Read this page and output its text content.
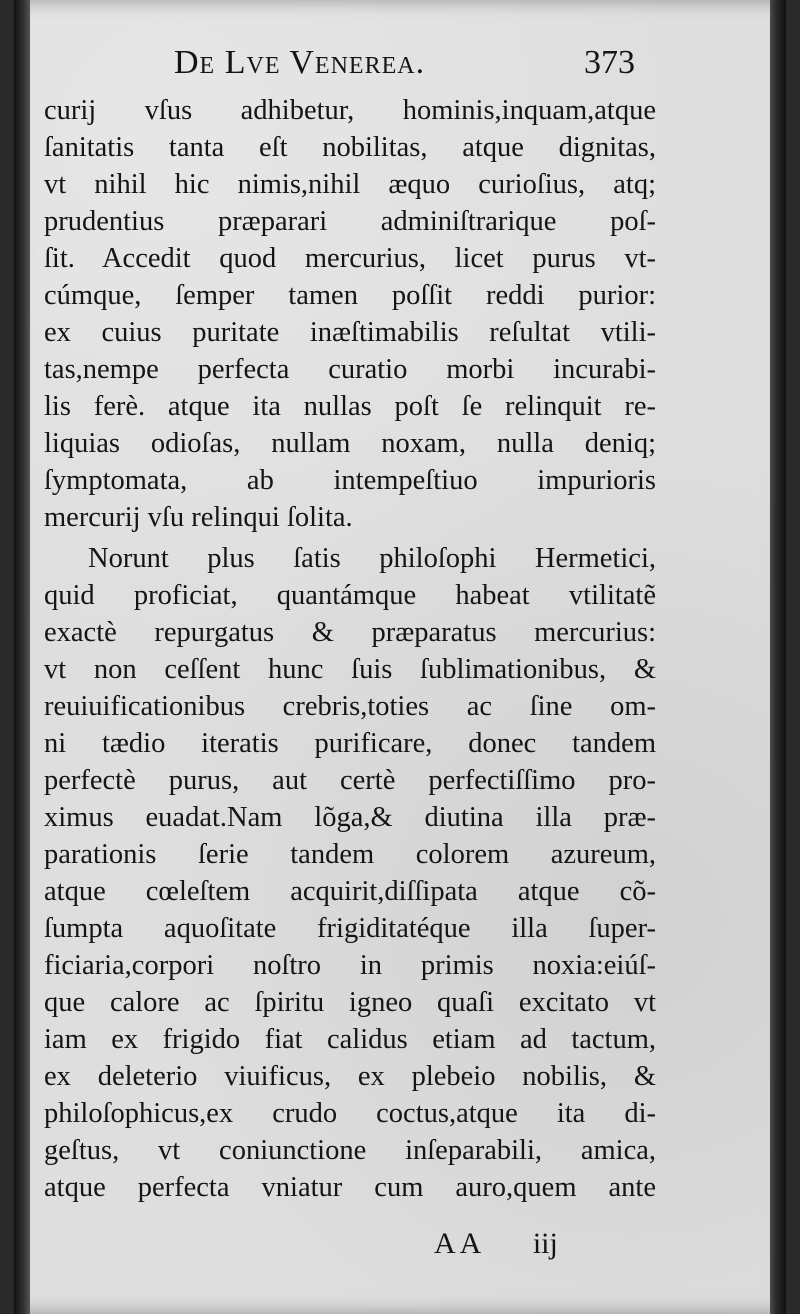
De Lve Venerea.	373
curij vſus adhibetur, hominis,inquam,atque
ſanitatis tanta eſt nobilitas, atque dignitas,
vt nihil hic nimis,nihil æquo curioſius, atq;
prudentius præparari adminiſtrarique poſ-
ſit. Accedit quod mercurius, licet purus vt-
cúmque, ſemper tamen poſſit reddi purior:
ex cuius puritate inæſtimabilis reſultat vtili-
tas,nempe perfecta curatio morbi incurabi-
lis ferè. atque ita nullas poſt ſe relinquit re-
liquias odioſas, nullam noxam, nulla deniq;
ſymptomata, ab intempeſtiuo impurioris
mercurij vſu relinqui ſolita.
Norunt plus ſatis philoſophi Hermetici,
quid proficiat, quantámque habeat vtilitatẽ
exactè repurgatus & præparatus mercurius:
vt non ceſſent hunc ſuis ſublimationibus, &
reuiuificationibus crebris,toties ac ſine om-
ni tædio iteratis purificare, donec tandem
perfectè purus, aut certè perfectiſſimo pro-
ximus euadat.Nam lõga,& diutina illa præ-
parationis ſerie tandem colorem azureum,
atque cœleſtem acquirit,diſſipata atque cõ-
ſumpta aquoſitate frigiditatéque illa ſuper-
ficiaria,corpori noſtro in primis noxia:eiúſ-
que calore ac ſpiritu igneo quaſi excitato vt
iam ex frigido fiat calidus etiam ad tactum,
ex deleterio viuificus, ex plebeio nobilis, &
philoſophicus,ex crudo coctus,atque ita di-
geſtus, vt coniunctione inſeparabili, amica,
atque perfecta vniatur cum auro,quem ante
AA iij
